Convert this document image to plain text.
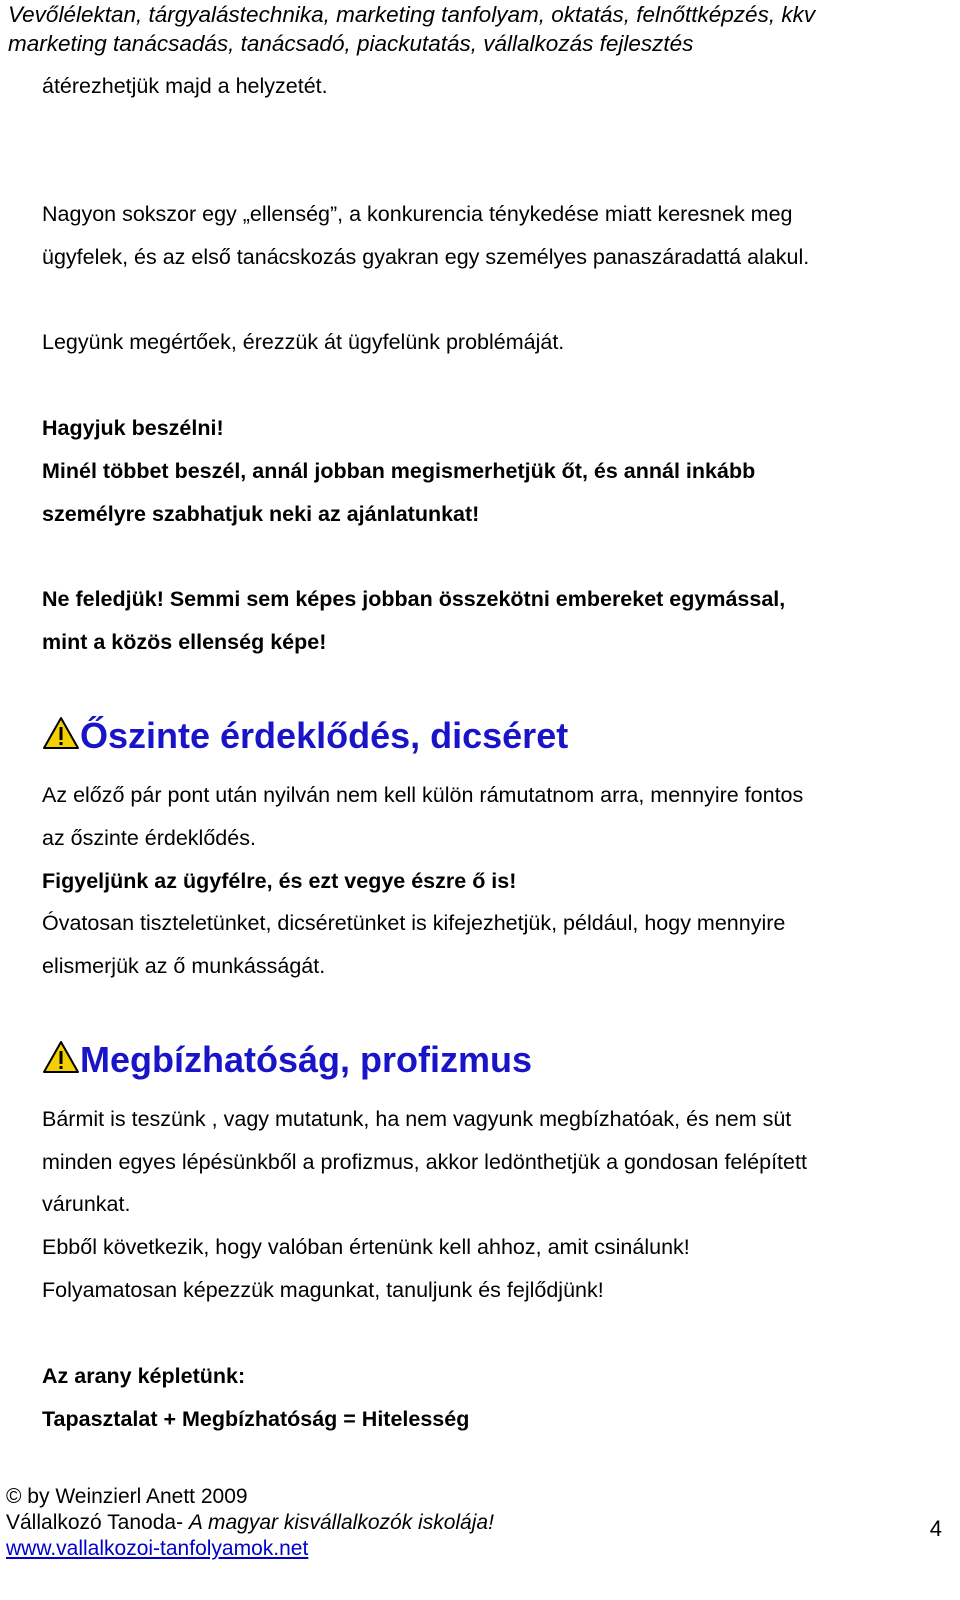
Vevőlélektan, tárgyalástechnika, marketing tanfolyam, oktatás, felnőttképzés, kkv
marketing tanácsadás, tanácsadó, piackutatás, vállalkozás fejlesztés

átérezhetjük majd a helyzetét.

Nagyon sokszor egy „ellenség”, a konkurencia ténykedése miatt keresnek meg

ügyfelek, és az első tanácskozás gyakran egy személyes panaszáradattá alakul.

Legyünk megértőek, érezzük át ügyfelünk problémáját.

Hagyjuk beszélni!

Minél többet beszél, annál jobban megismerhetjük őt, és annál inkább

személyre szabhatjuk neki az ajánlatunkat!

Ne feledjük! Semmi sem képes jobban összekötni embereket egymással,

mint a közös ellenség képe!

Őszinte érdeklődés, dicséret

Az előző pár pont után nyilván nem kell külön rámutatnom arra, mennyire fontos

az őszinte érdeklődés.

Figyeljünk az ügyfélre, és ezt vegye észre ő is!

Óvatosan tiszteletünket, dicséretünket is kifejezhetjük, például, hogy mennyire

elismerjük az ő munkásságát.

Megbízhatóság, profizmus

Bármit is teszünk , vagy mutatunk, ha nem vagyunk megbízhatóak, és nem süt

minden egyes lépésünkből a profizmus, akkor ledönthetjük a gondosan felépített

várunkat.

Ebből következik, hogy valóban értenünk kell ahhoz, amit csinálunk!

Folyamatosan képezzük magunkat, tanuljunk és fejlődjünk!

Az arany képletünk:

Tapasztalat + Megbízhatóság = Hitelesség

© by Weinzierl Anett 2009
Vállalkozó Tanoda- A magyar kisvállalkozók iskolája!
www.vallalkozoi-tanfolyamok.net
4
